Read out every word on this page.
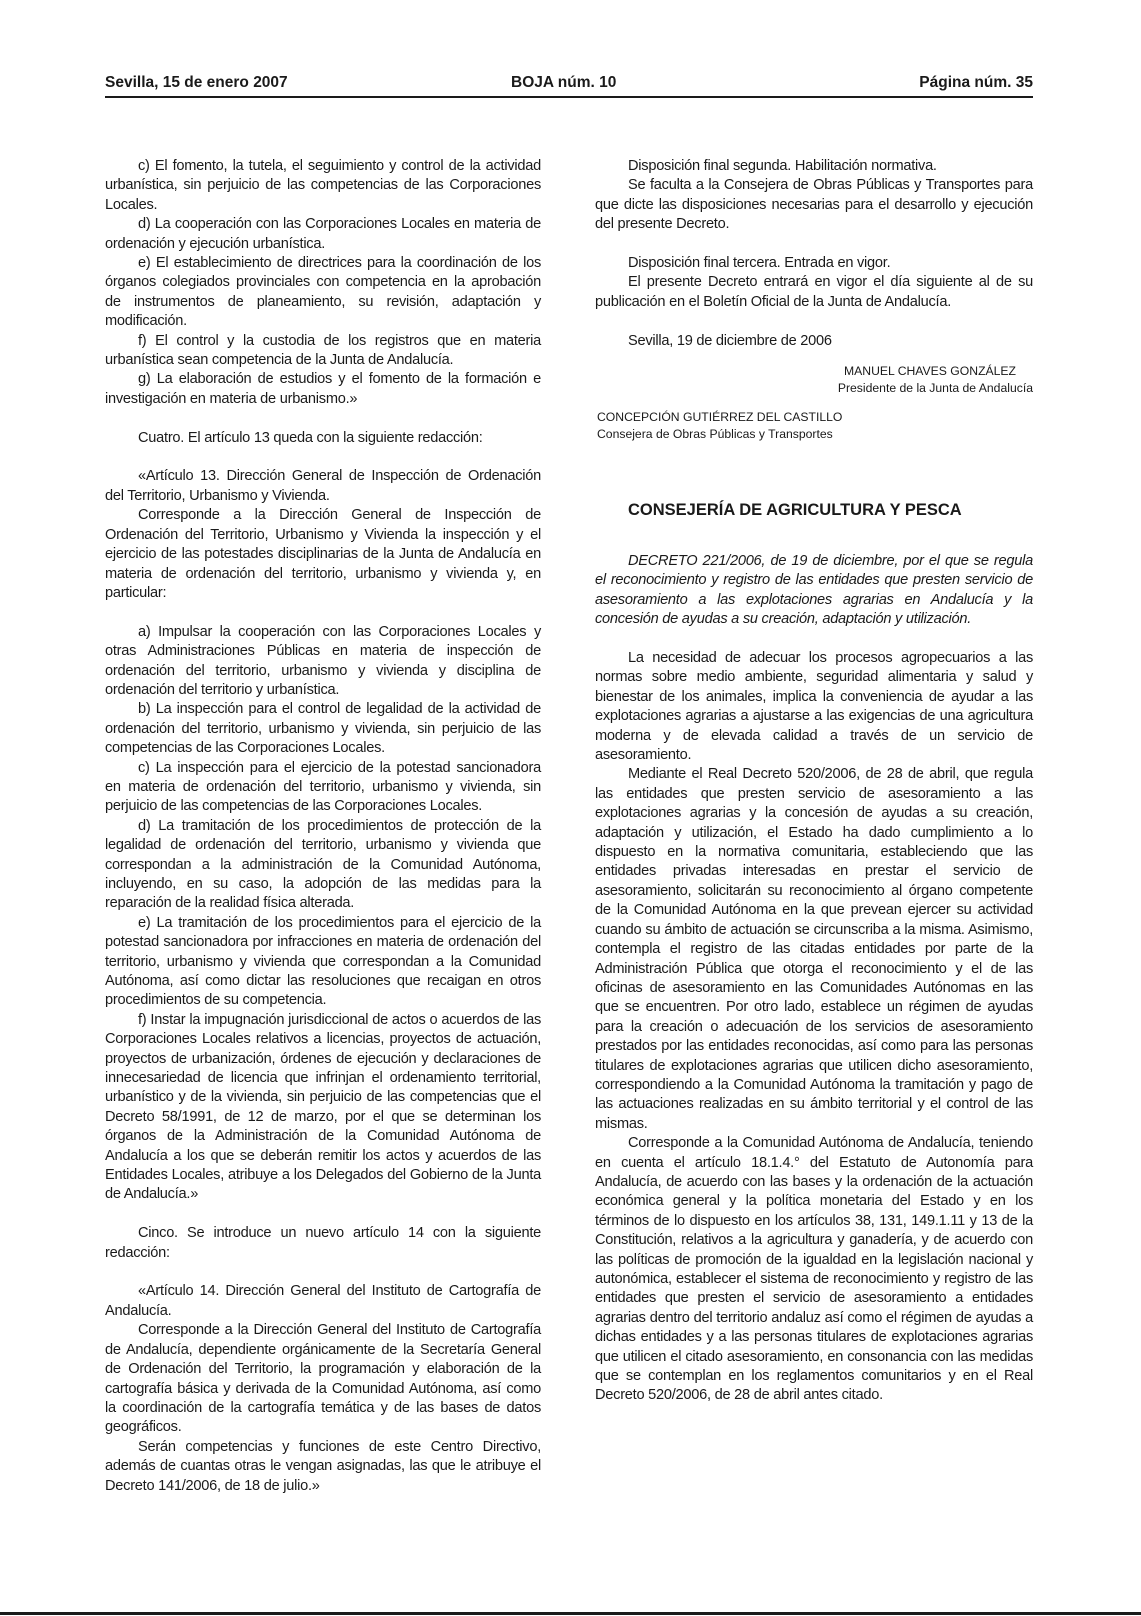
Sevilla, 15 de enero 2007	BOJA núm. 10	Página núm. 35

c) El fomento, la tutela, el seguimiento y control de la actividad urbanística, sin perjuicio de las competencias de las Corporaciones Locales.

d) La cooperación con las Corporaciones Locales en materia de ordenación y ejecución urbanística.

e) El establecimiento de directrices para la coordinación de los órganos colegiados provinciales con competencia en la aprobación de instrumentos de planeamiento, su revisión, adaptación y modificación.

f) El control y la custodia de los registros que en materia urbanística sean competencia de la Junta de Andalucía.

g) La elaboración de estudios y el fomento de la formación e investigación en materia de urbanismo.»

Cuatro. El artículo 13 queda con la siguiente redacción:

«Artículo 13. Dirección General de Inspección de Ordenación del Territorio, Urbanismo y Vivienda.

Corresponde a la Dirección General de Inspección de Ordenación del Territorio, Urbanismo y Vivienda la inspección y el ejercicio de las potestades disciplinarias de la Junta de Andalucía en materia de ordenación del territorio, urbanismo y vivienda y, en particular:

a) Impulsar la cooperación con las Corporaciones Locales y otras Administraciones Públicas en materia de inspección de ordenación del territorio, urbanismo y vivienda y disciplina de ordenación del territorio y urbanística.

b) La inspección para el control de legalidad de la actividad de ordenación del territorio, urbanismo y vivienda, sin perjuicio de las competencias de las Corporaciones Locales.

c) La inspección para el ejercicio de la potestad sancionadora en materia de ordenación del territorio, urbanismo y vivienda, sin perjuicio de las competencias de las Corporaciones Locales.

d) La tramitación de los procedimientos de protección de la legalidad de ordenación del territorio, urbanismo y vivienda que correspondan a la administración de la Comunidad Autónoma, incluyendo, en su caso, la adopción de las medidas para la reparación de la realidad física alterada.

e) La tramitación de los procedimientos para el ejercicio de la potestad sancionadora por infracciones en materia de ordenación del territorio, urbanismo y vivienda que correspondan a la Comunidad Autónoma, así como dictar las resoluciones que recaigan en otros procedimientos de su competencia.

f) Instar la impugnación jurisdiccional de actos o acuerdos de las Corporaciones Locales relativos a licencias, proyectos de actuación, proyectos de urbanización, órdenes de ejecución y declaraciones de innecesariedad de licencia que infrinjan el ordenamiento territorial, urbanístico y de la vivienda, sin perjuicio de las competencias que el Decreto 58/1991, de 12 de marzo, por el que se determinan los órganos de la Administración de la Comunidad Autónoma de Andalucía a los que se deberán remitir los actos y acuerdos de las Entidades Locales, atribuye a los Delegados del Gobierno de la Junta de Andalucía.»

Cinco. Se introduce un nuevo artículo 14 con la siguiente redacción:

«Artículo 14. Dirección General del Instituto de Cartografía de Andalucía.

Corresponde a la Dirección General del Instituto de Cartografía de Andalucía, dependiente orgánicamente de la Secretaría General de Ordenación del Territorio, la programación y elaboración de la cartografía básica y derivada de la Comunidad Autónoma, así como la coordinación de la cartografía temática y de las bases de datos geográficos.

Serán competencias y funciones de este Centro Directivo, además de cuantas otras le vengan asignadas, las que le atribuye el Decreto 141/2006, de 18 de julio.»

Disposición final segunda. Habilitación normativa.

Se faculta a la Consejera de Obras Públicas y Transportes para que dicte las disposiciones necesarias para el desarrollo y ejecución del presente Decreto.

Disposición final tercera. Entrada en vigor.

El presente Decreto entrará en vigor el día siguiente al de su publicación en el Boletín Oficial de la Junta de Andalucía.

Sevilla, 19 de diciembre de 2006

MANUEL CHAVES GONZÁLEZ
Presidente de la Junta de Andalucía
CONCEPCIÓN GUTIÉRREZ DEL CASTILLO
Consejera de Obras Públicas y Transportes

CONSEJERÍA DE AGRICULTURA Y PESCA

DECRETO 221/2006, de 19 de diciembre, por el que se regula el reconocimiento y registro de las entidades que presten servicio de asesoramiento a las explotaciones agrarias en Andalucía y la concesión de ayudas a su creación, adaptación y utilización.

La necesidad de adecuar los procesos agropecuarios a las normas sobre medio ambiente, seguridad alimentaria y salud y bienestar de los animales, implica la conveniencia de ayudar a las explotaciones agrarias a ajustarse a las exigencias de una agricultura moderna y de elevada calidad a través de un servicio de asesoramiento.

Mediante el Real Decreto 520/2006, de 28 de abril, que regula las entidades que presten servicio de asesoramiento a las explotaciones agrarias y la concesión de ayudas a su creación, adaptación y utilización, el Estado ha dado cumplimiento a lo dispuesto en la normativa comunitaria, estableciendo que las entidades privadas interesadas en prestar el servicio de asesoramiento, solicitarán su reconocimiento al órgano competente de la Comunidad Autónoma en la que prevean ejercer su actividad cuando su ámbito de actuación se circunscriba a la misma. Asimismo, contempla el registro de las citadas entidades por parte de la Administración Pública que otorga el reconocimiento y el de las oficinas de asesoramiento en las Comunidades Autónomas en las que se encuentren. Por otro lado, establece un régimen de ayudas para la creación o adecuación de los servicios de asesoramiento prestados por las entidades reconocidas, así como para las personas titulares de explotaciones agrarias que utilicen dicho asesoramiento, correspondiendo a la Comunidad Autónoma la tramitación y pago de las actuaciones realizadas en su ámbito territorial y el control de las mismas.

Corresponde a la Comunidad Autónoma de Andalucía, teniendo en cuenta el artículo 18.1.4.° del Estatuto de Autonomía para Andalucía, de acuerdo con las bases y la ordenación de la actuación económica general y la política monetaria del Estado y en los términos de lo dispuesto en los artículos 38, 131, 149.1.11 y 13 de la Constitución, relativos a la agricultura y ganadería, y de acuerdo con las políticas de promoción de la igualdad en la legislación nacional y autonómica, establecer el sistema de reconocimiento y registro de las entidades que presten el servicio de asesoramiento a entidades agrarias dentro del territorio andaluz así como el régimen de ayudas a dichas entidades y a las personas titulares de explotaciones agrarias que utilicen el citado asesoramiento, en consonancia con las medidas que se contemplan en los reglamentos comunitarios y en el Real Decreto 520/2006, de 28 de abril antes citado.
